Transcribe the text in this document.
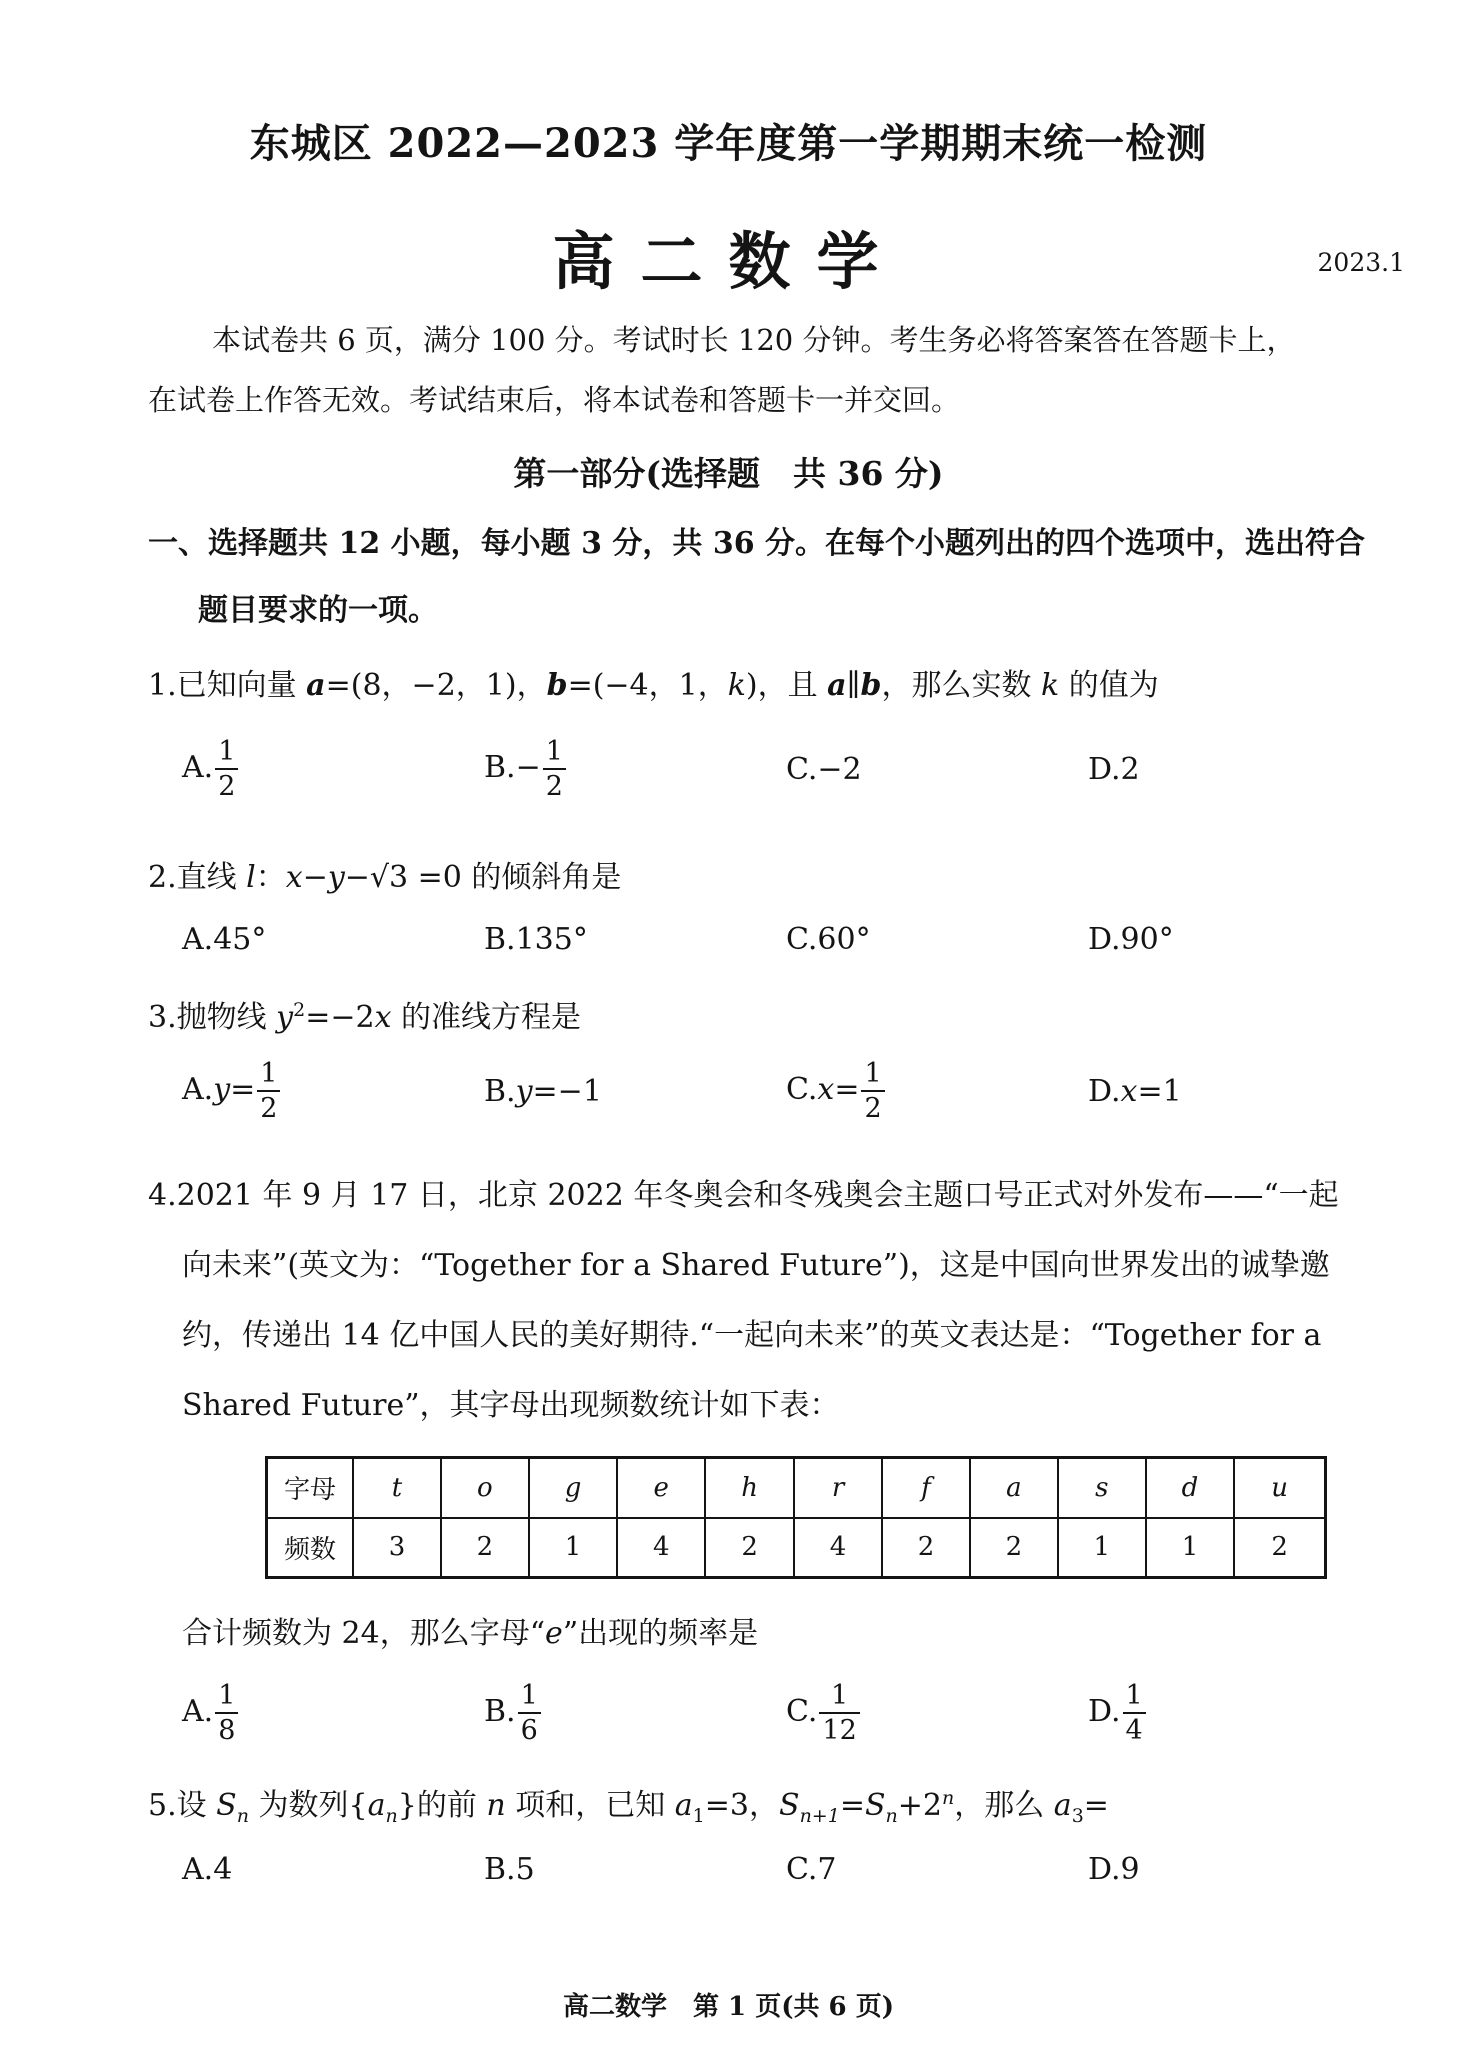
东城区 2022—2023 学年度第一学期期末统一检测
高二数学	2023.1
本试卷共 6 页，满分 100 分。考试时长 120 分钟。考生务必将答案答在答题卡上，
在试卷上作答无效。考试结束后，将本试卷和答题卡一并交回。
第一部分(选择题　共 36 分)
一、选择题共 12 小题，每小题 3 分，共 36 分。在每个小题列出的四个选项中，选出符合
题目要求的一项。
1.已知向量 a=(8，−2，1)，b=(−4，1，k)，且 a∥b，那么实数 k 的值为
A. $\frac{1}{2}$	$B.- \frac{1}{2}$	C.−2	D.2
2.直线 l：x−y−√3 =0 的倾斜角是
A.45°	B.135°	C.60°	D.90°
3.抛物线 $y^2=-2x$ 的准线方程是
$A.y= \frac{1}{2}$	B.y=−1	$C.x= \frac{1}{2}$	D.x=1
4.2021 年 9 月 17 日，北京 2022 年冬奥会和冬残奥会主题口号正式对外发布——“一起
向未来”(英文为：“Together for a Shared Future”)，这是中国向世界发出的诚挚邀
约，传递出 14 亿中国人民的美好期待.“一起向未来”的英文表达是：“Together for a
Shared Future”，其字母出现频数统计如下表：
字母	t	o	g	e	h	r	f	a	s	d	u
频数	3	2	1	4	2	4	2	2	1	1	2
合计频数为 24，那么字母“e”出现的频率是
A. $\frac{1}{8}$	B. $\frac{1}{6}$	C. $\frac{1}{12}$	D. $\frac{1}{4}$
5.设 $S_n$ 为数列$\{a_n\}$的前 n 项和，已知 $a_1=3$，$S_{n+1}=S_n+2^n$，那么 $a_3=$
A.4	B.5	C.7	D.9
高二数学　第 1 页(共 6 页)
